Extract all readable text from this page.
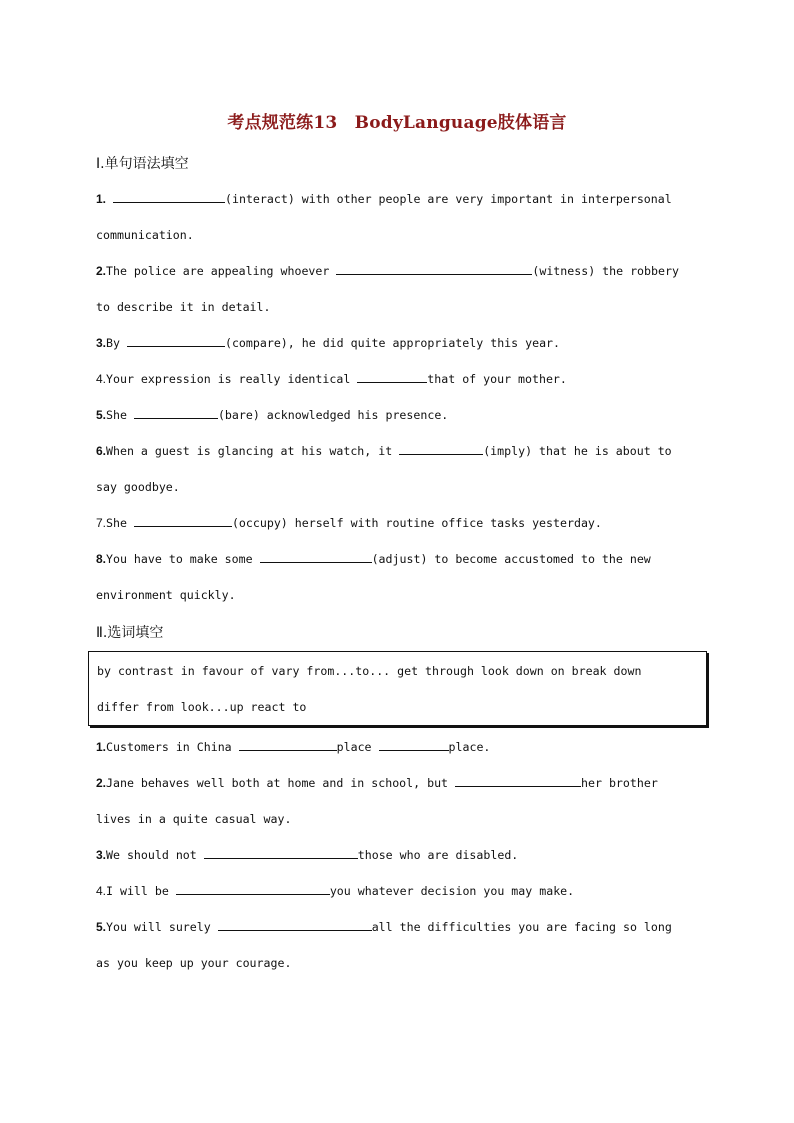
考点规范练13　BodyLanguage肢体语言
Ⅰ.单句语法填空
1.	(interact) with other people are very important in interpersonal
communication.
2.The police are appealing whoever	(witness) the robbery
to describe it in detail.
3.By	(compare), he did quite appropriately this year.
4.Your expression is really identical	that of your mother.
5.She	(bare) acknowledged his presence.
6.When a guest is glancing at his watch, it	(imply) that he is about to
say goodbye.
7.She	(occupy) herself with routine office tasks yesterday.
8.You have to make some	(adjust) to become accustomed to the new
environment quickly.
Ⅱ.选词填空
by contrast in favour of vary from...to... get through look down on break down
differ from look...up react to
1.Customers in China	place	place.
2.Jane behaves well both at home and in school, but	her brother
lives in a quite casual way.
3.We should not	those who are disabled.
4.I will be	you whatever decision you may make.
5.You will surely	all the difficulties you are facing so long
as you keep up your courage.
